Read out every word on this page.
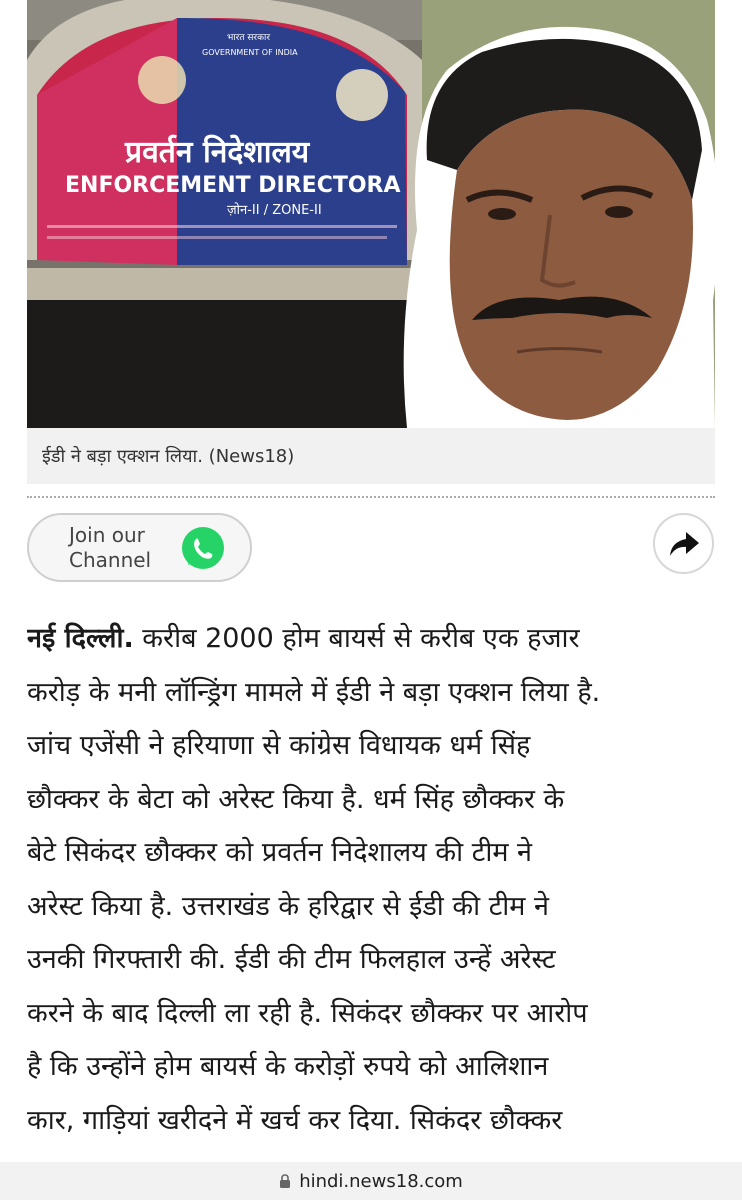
भारत सरकार
GOVERNMENT OF INDIA
प्रवर्तन निदेशालय
ENFORCEMENT DIRECTORA
ज़ोन-II / ZONE-II
ईडी ने बड़ा एक्शन लिया. (News18)
Join our
Channel
नई दिल्ली. करीब 2000 होम बायर्स से करीब एक हजार
करोड़ के मनी लॉन्ड्रिंग मामले में ईडी ने बड़ा एक्शन लिया है.
जांच एजेंसी ने हरियाणा से कांग्रेस विधायक धर्म सिंह
छौक्कर के बेटा को अरेस्ट किया है. धर्म सिंह छौक्कर के
बेटे सिकंदर छौक्कर को प्रवर्तन निदेशालय की टीम ने
अरेस्ट किया है. उत्तराखंड के हरिद्वार से ईडी की टीम ने
उनकी गिरफ्तारी की. ईडी की टीम फिलहाल उन्हें अरेस्ट
करने के बाद दिल्ली ला रही है. सिकंदर छौक्कर पर आरोप
है कि उन्होंने होम बायर्स के करोड़ों रुपये को आलिशान
कार, गाड़ियां खरीदने में खर्च कर दिया. सिकंदर छौक्कर
hindi.news18.com
